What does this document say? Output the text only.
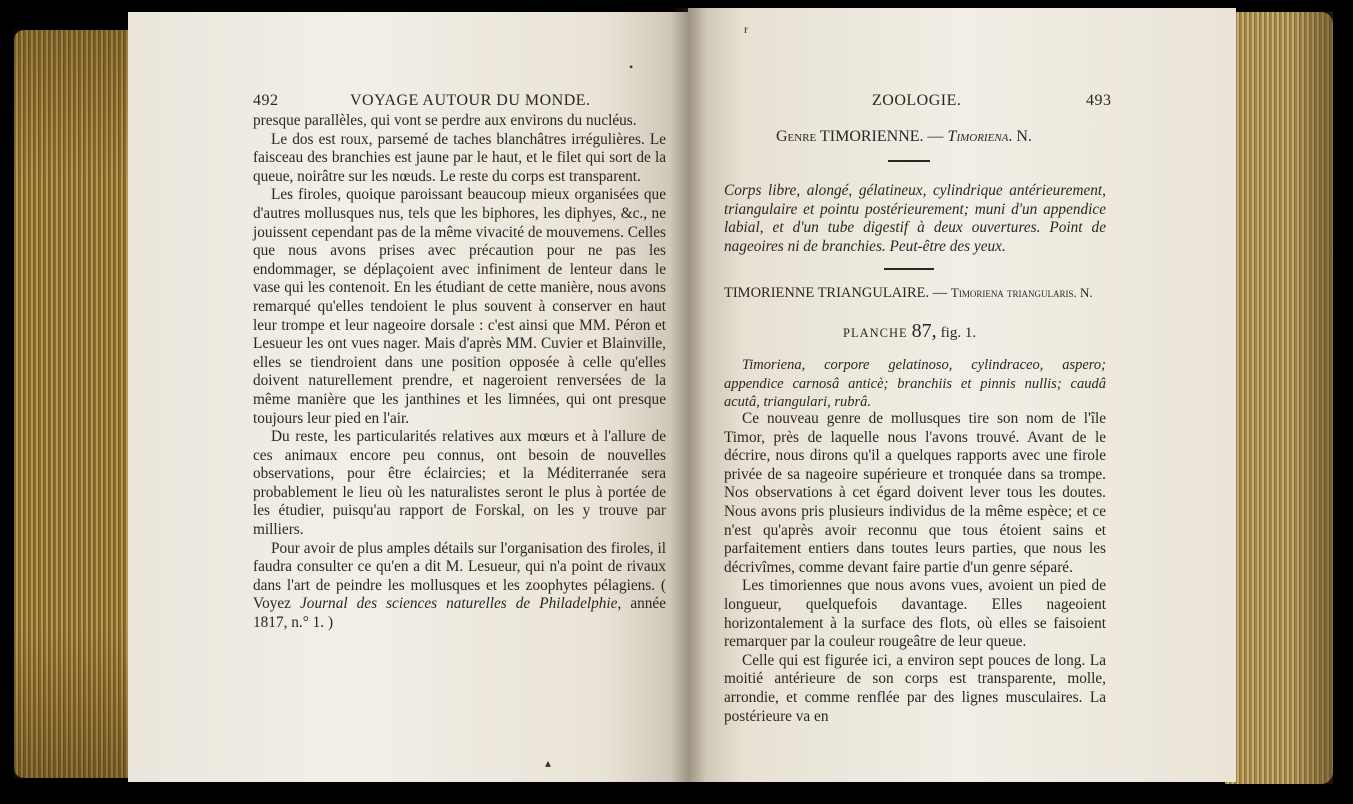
•
r
▴
492	VOYAGE AUTOUR DU MONDE.

presque parallèles, qui vont se perdre aux environs du nucléus.

Le dos est roux, parsemé de taches blanchâtres irrégulières. Le faisceau des branchies est jaune par le haut, et le filet qui sort de la queue, noirâtre sur les nœuds. Le reste du corps est transparent.

Les firoles, quoique paroissant beaucoup mieux organisées que d'autres mollusques nus, tels que les biphores, les diphyes, &c., ne jouissent cependant pas de la même vivacité de mouvemens. Celles que nous avons prises avec précaution pour ne pas les endommager, se déplaçoient avec infiniment de lenteur dans le vase qui les contenoit. En les étudiant de cette manière, nous avons remarqué qu'elles tendoient le plus souvent à conserver en haut leur trompe et leur nageoire dorsale : c'est ainsi que MM. Péron et Lesueur les ont vues nager. Mais d'après MM. Cuvier et Blainville, elles se tiendroient dans une position opposée à celle qu'elles doivent naturellement prendre, et nageroient renversées de la même manière que les janthines et les limnées, qui ont presque toujours leur pied en l'air.

Du reste, les particularités relatives aux mœurs et à l'allure de ces animaux encore peu connus, ont besoin de nouvelles observations, pour être éclaircies; et la Méditerranée sera probablement le lieu où les naturalistes seront le plus à portée de les étudier, puisqu'au rapport de Forskal, on les y trouve par milliers.

Pour avoir de plus amples détails sur l'organisation des firoles, il faudra consulter ce qu'en a dit M. Lesueur, qui n'a point de rivaux dans l'art de peindre les mollusques et les zoophytes pélagiens. ( Voyez Journal des sciences naturelles de Philadelphie, année 1817, n.° 1. )

ZOOLOGIE.	493
Genre TIMORIENNE. — Timoriena. N.

Corps libre, alongé, gélatineux, cylindrique antérieurement, triangulaire et pointu postérieurement; muni d'un appendice labial, et d'un tube digestif à deux ouvertures. Point de nageoires ni de branchies. Peut-être des yeux.

TIMORIENNE TRIANGULAIRE. — Timoriena triangularis. N.
PLANCHE 87, fig. 1.

Timoriena, corpore gelatinoso, cylindraceo, aspero; appendice carnosâ anticè; branchiis et pinnis nullis; caudâ acutâ, triangulari, rubrâ.

Ce nouveau genre de mollusques tire son nom de l'île Timor, près de laquelle nous l'avons trouvé. Avant de le décrire, nous dirons qu'il a quelques rapports avec une firole privée de sa nageoire supérieure et tronquée dans sa trompe. Nos observations à cet égard doivent lever tous les doutes. Nous avons pris plusieurs individus de la même espèce; et ce n'est qu'après avoir reconnu que tous étoient sains et parfaitement entiers dans toutes leurs parties, que nous les décrivîmes, comme devant faire partie d'un genre séparé.

Les timoriennes que nous avons vues, avoient un pied de longueur, quelquefois davantage. Elles nageoient horizontalement à la surface des flots, où elles se faisoient remarquer par la couleur rougeâtre de leur queue.

Celle qui est figurée ici, a environ sept pouces de long. La moitié antérieure de son corps est transparente, molle, arrondie, et comme renflée par des lignes musculaires. La postérieure va en
